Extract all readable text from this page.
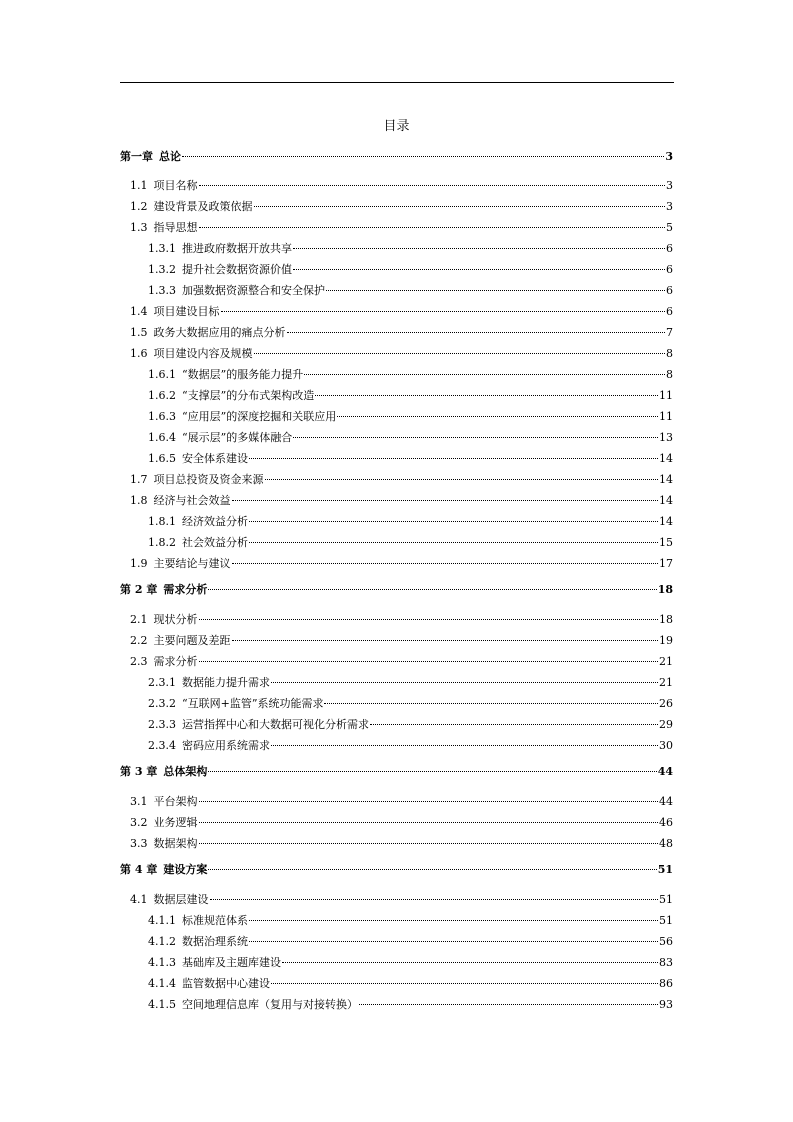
目录
第一章 总论	3
1.1 项目名称	3
1.2 建设背景及政策依据	3
1.3 指导思想	5
1.3.1 推进政府数据开放共享	6
1.3.2 提升社会数据资源价值	6
1.3.3 加强数据资源整合和安全保护	6
1.4 项目建设目标	6
1.5 政务大数据应用的痛点分析	7
1.6 项目建设内容及规模	8
1.6.1 “数据层”的服务能力提升	8
1.6.2 “支撑层”的分布式架构改造	11
1.6.3 “应用层”的深度挖掘和关联应用	11
1.6.4 “展示层”的多媒体融合	13
1.6.5 安全体系建设	14
1.7 项目总投资及资金来源	14
1.8 经济与社会效益	14
1.8.1 经济效益分析	14
1.8.2 社会效益分析	15
1.9 主要结论与建议	17
第 2 章 需求分析	18
2.1 现状分析	18
2.2 主要问题及差距	19
2.3 需求分析	21
2.3.1 数据能力提升需求	21
2.3.2 “互联网+监管”系统功能需求	26
2.3.3 运营指挥中心和大数据可视化分析需求	29
2.3.4 密码应用系统需求	30
第 3 章 总体架构	44
3.1 平台架构	44
3.2 业务逻辑	46
3.3 数据架构	48
第 4 章 建设方案	51
4.1 数据层建设	51
4.1.1 标准规范体系	51
4.1.2 数据治理系统	56
4.1.3 基础库及主题库建设	83
4.1.4 监管数据中心建设	86
4.1.5 空间地理信息库（复用与对接转换）	93
